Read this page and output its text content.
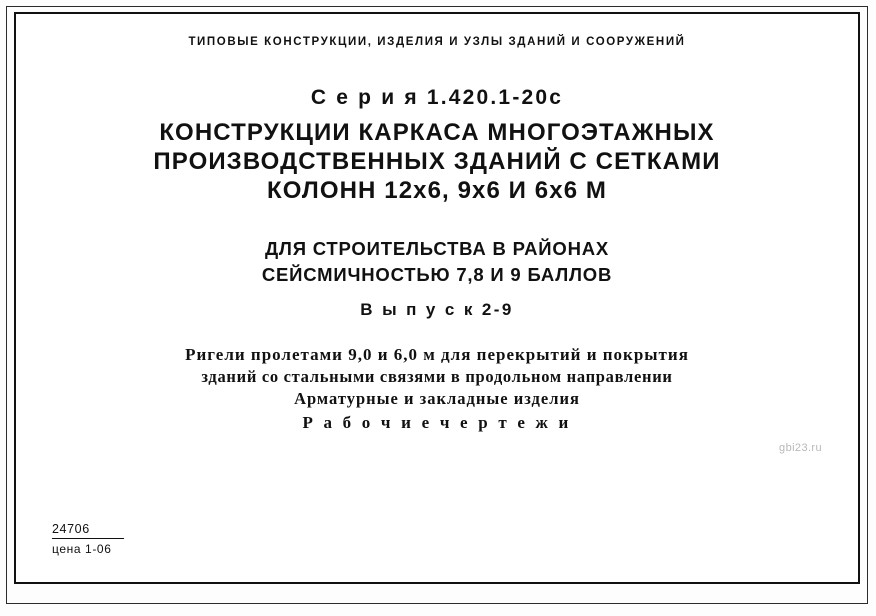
ТИПОВЫЕ КОНСТРУКЦИИ, ИЗДЕЛИЯ И УЗЛЫ ЗДАНИЙ И СООРУЖЕНИЙ
С е р и я 1.420.1-20с
КОНСТРУКЦИИ КАРКАСА МНОГОЭТАЖНЫХ
ПРОИЗВОДСТВЕННЫХ ЗДАНИЙ С СЕТКАМИ
КОЛОНН 12х6, 9х6 И 6х6 М
ДЛЯ СТРОИТЕЛЬСТВА В РАЙОНАХ
СЕЙСМИЧНОСТЬЮ 7,8 И 9 БАЛЛОВ
В ы п у с к 2-9
Ригели пролетами 9,0 и 6,0 м для перекрытий и покрытия
зданий со стальными связями в продольном направлении
Арматурные и закладные изделия
Р а б о ч и е ч е р т е ж и
gbi23.ru
24706
цена 1-06
